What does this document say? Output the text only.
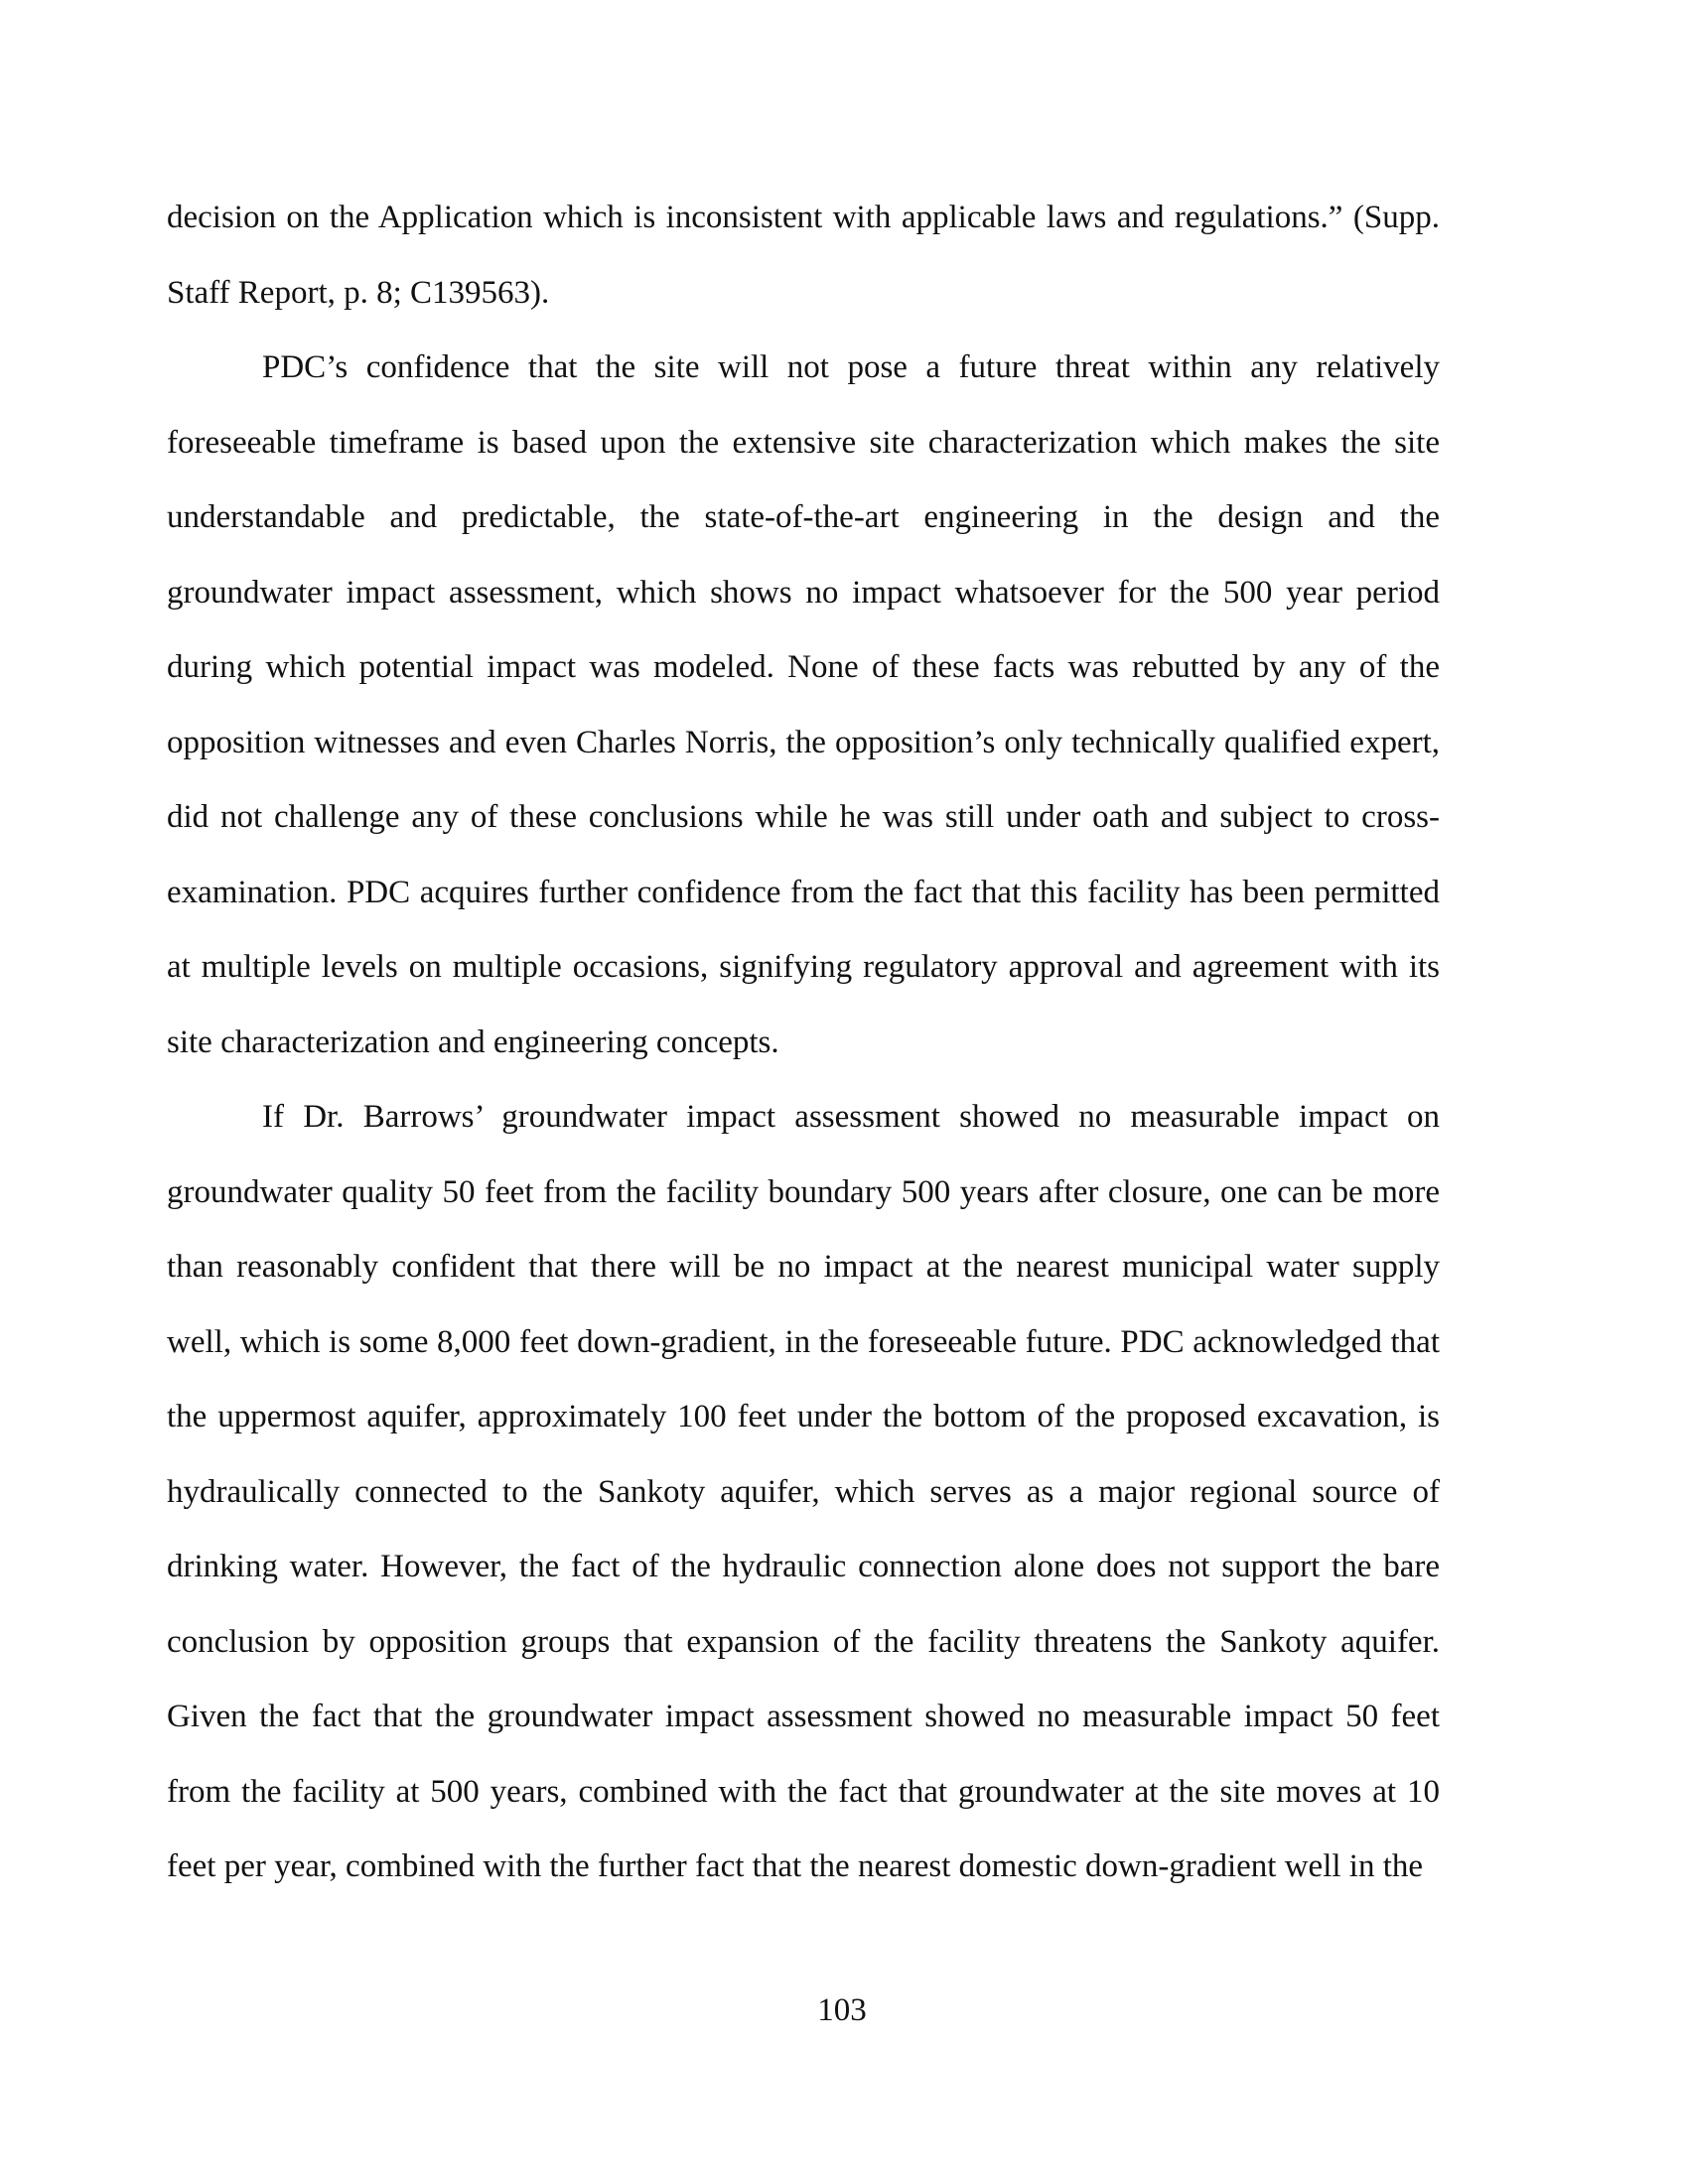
decision on the Application which is inconsistent with applicable laws and regulations.” (Supp. Staff Report, p. 8; C139563).

PDC’s confidence that the site will not pose a future threat within any relatively foreseeable timeframe is based upon the extensive site characterization which makes the site understandable and predictable, the state-of-the-art engineering in the design and the groundwater impact assessment, which shows no impact whatsoever for the 500 year period during which potential impact was modeled. None of these facts was rebutted by any of the opposition witnesses and even Charles Norris, the opposition’s only technically qualified expert, did not challenge any of these conclusions while he was still under oath and subject to cross-examination. PDC acquires further confidence from the fact that this facility has been permitted at multiple levels on multiple occasions, signifying regulatory approval and agreement with its site characterization and engineering concepts.

If Dr. Barrows’ groundwater impact assessment showed no measurable impact on groundwater quality 50 feet from the facility boundary 500 years after closure, one can be more than reasonably confident that there will be no impact at the nearest municipal water supply well, which is some 8,000 feet down-gradient, in the foreseeable future. PDC acknowledged that the uppermost aquifer, approximately 100 feet under the bottom of the proposed excavation, is hydraulically connected to the Sankoty aquifer, which serves as a major regional source of drinking water. However, the fact of the hydraulic connection alone does not support the bare conclusion by opposition groups that expansion of the facility threatens the Sankoty aquifer. Given the fact that the groundwater impact assessment showed no measurable impact 50 feet from the facility at 500 years, combined with the fact that groundwater at the site moves at 10 feet per year, combined with the further fact that the nearest domestic down-gradient well in the

103
